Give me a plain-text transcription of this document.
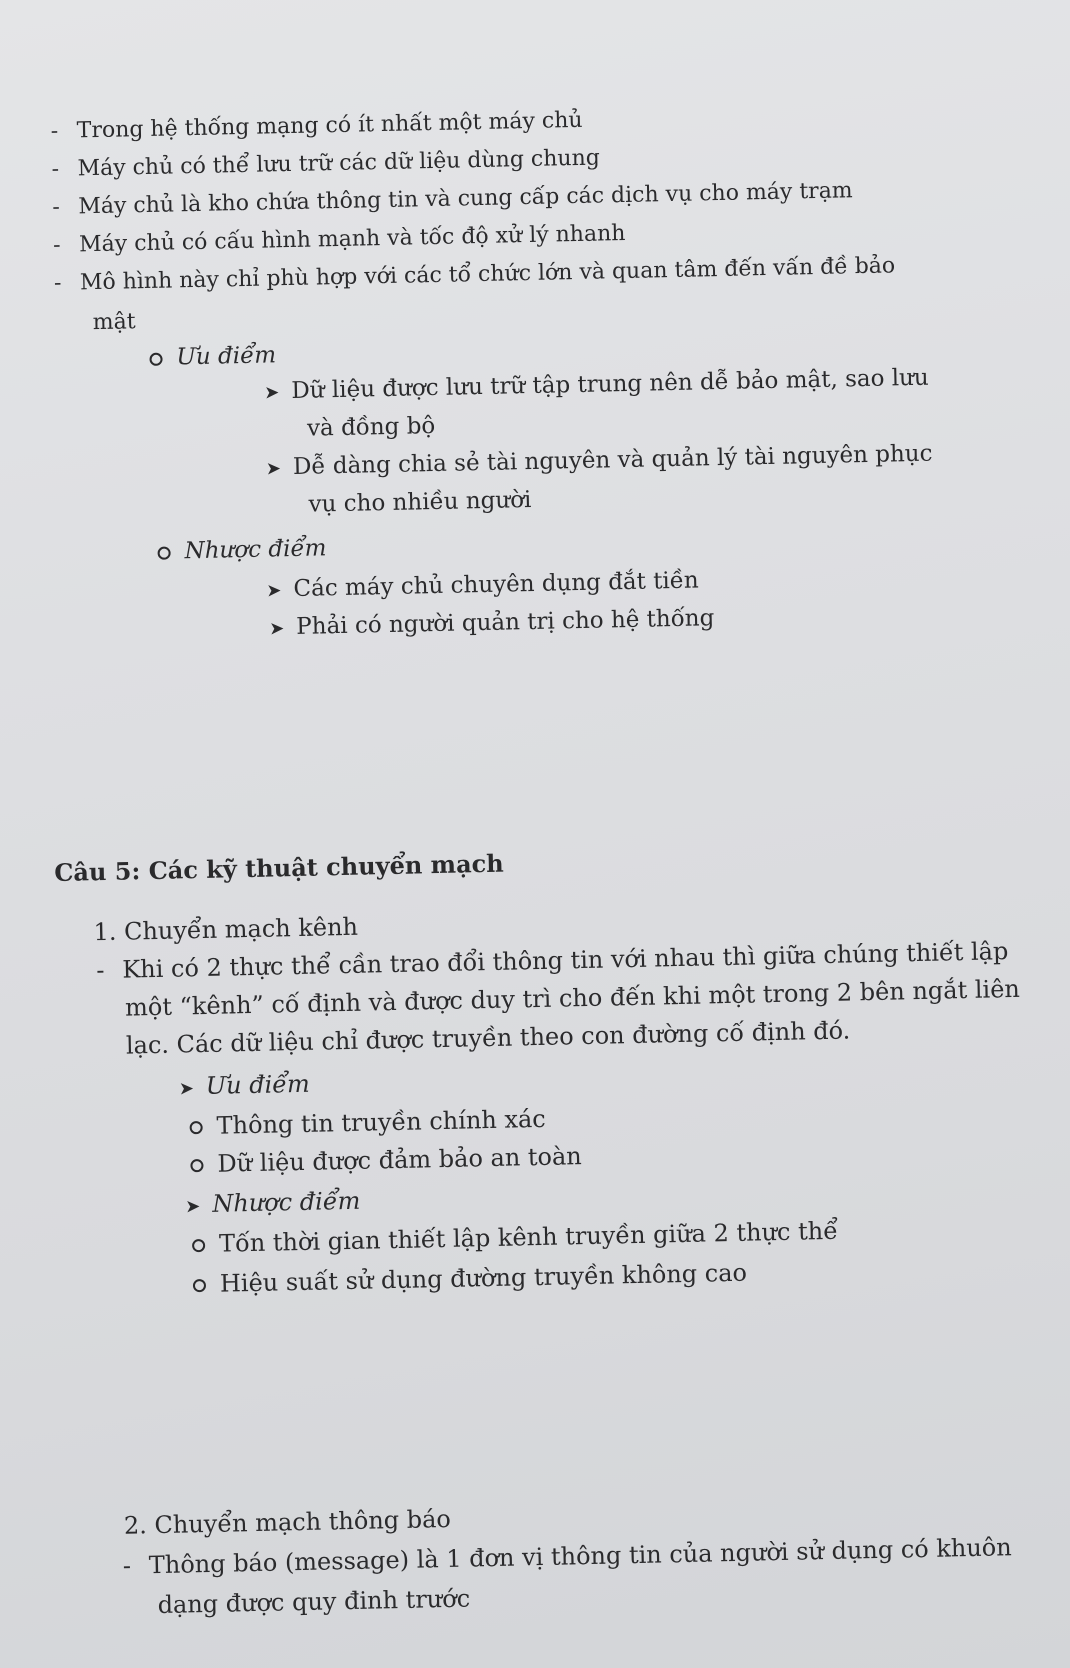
- Trong hệ thống mạng có ít nhất một máy chủ
- Máy chủ có thể lưu trữ các dữ liệu dùng chung
- Máy chủ là kho chứa thông tin và cung cấp các dịch vụ cho máy trạm
- Máy chủ có cấu hình mạnh và tốc độ xử lý nhanh
- Mô hình này chỉ phù hợp với các tổ chức lớn và quan tâm đến vấn đề bảo
mật
Ưu điểm
➤ Dữ liệu được lưu trữ tập trung nên dễ bảo mật, sao lưu
và đồng bộ
➤ Dễ dàng chia sẻ tài nguyên và quản lý tài nguyên phục
vụ cho nhiều người
Nhược điểm
➤ Các máy chủ chuyên dụng đắt tiền
➤ Phải có người quản trị cho hệ thống
Câu 5: Các kỹ thuật chuyển mạch
1. Chuyển mạch kênh
- Khi có 2 thực thể cần trao đổi thông tin với nhau thì giữa chúng thiết lập
một “kênh” cố định và được duy trì cho đến khi một trong 2 bên ngắt liên
lạc. Các dữ liệu chỉ được truyền theo con đường cố định đó.
➤ Ưu điểm
Thông tin truyền chính xác
Dữ liệu được đảm bảo an toàn
➤ Nhược điểm
Tốn thời gian thiết lập kênh truyền giữa 2 thực thể
Hiệu suất sử dụng đường truyền không cao
2. Chuyển mạch thông báo
- Thông báo (message) là 1 đơn vị thông tin của người sử dụng có khuôn
dạng được quy đinh trước
